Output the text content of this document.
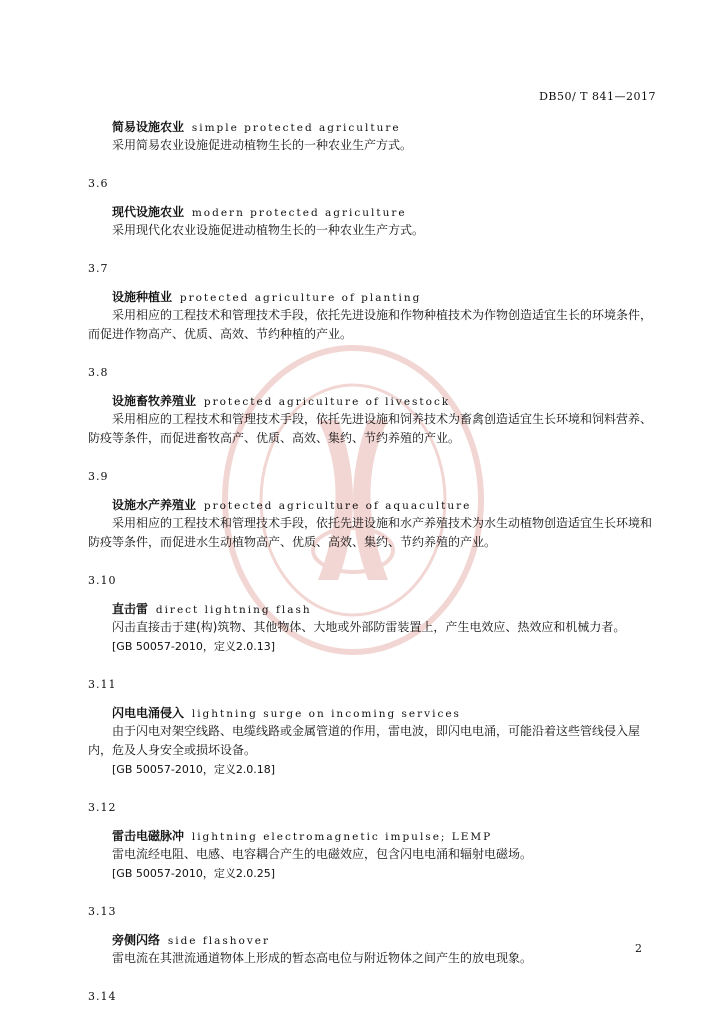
DB50/ T 841—2017
简易设施农业 simple protected agriculture

采用简易农业设施促进动植物生长的一种农业生产方式。

3.6
现代设施农业 modern protected agriculture

采用现代化农业设施促进动植物生长的一种农业生产方式。

3.7
设施种植业 protected agriculture of planting

采用相应的工程技术和管理技术手段，依托先进设施和作物种植技术为作物创造适宜生长的环境条件，而促进作物高产、优质、高效、节约种植的产业。

3.8
设施畜牧养殖业 protected agriculture of livestock

采用相应的工程技术和管理技术手段，依托先进设施和饲养技术为畜禽创造适宜生长环境和饲料营养、防疫等条件，而促进畜牧高产、优质、高效、集约、节约养殖的产业。

3.9
设施水产养殖业 protected agriculture of aquaculture

采用相应的工程技术和管理技术手段，依托先进设施和水产养殖技术为水生动植物创造适宜生长环境和防疫等条件，而促进水生动植物高产、优质、高效、集约、节约养殖的产业。

3.10
直击雷 direct lightning flash

闪击直接击于建(构)筑物、其他物体、大地或外部防雷装置上，产生电效应、热效应和机械力者。

[GB 50057-2010，定义2.0.13]
3.11
闪电电涌侵入 lightning surge on incoming services

由于闪电对架空线路、电缆线路或金属管道的作用，雷电波，即闪电电涌，可能沿着这些管线侵入屋内，危及人身安全或损坏设备。

[GB 50057-2010，定义2.0.18]
3.12
雷击电磁脉冲 lightning electromagnetic impulse; LEMP

雷电流经电阻、电感、电容耦合产生的电磁效应，包含闪电电涌和辐射电磁场。

[GB 50057-2010，定义2.0.25]
3.13
旁侧闪络 side flashover

雷电流在其泄流通道物体上形成的暂态高电位与附近物体之间产生的放电现象。

3.14
2
